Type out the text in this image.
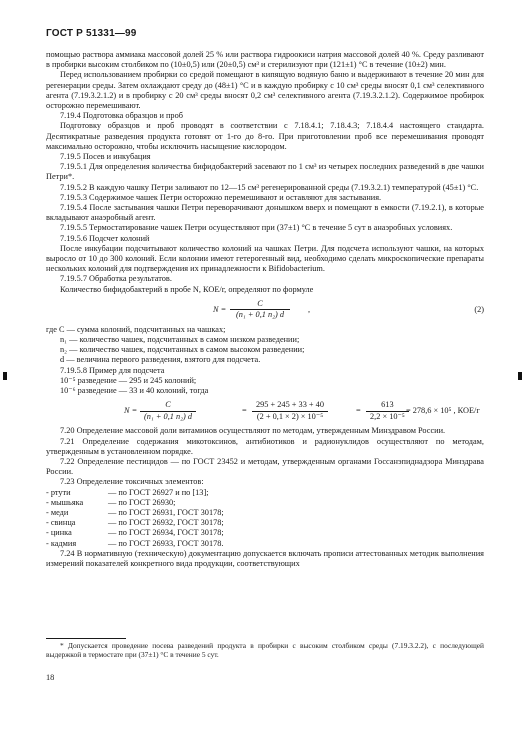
ГОСТ Р 51331—99

помощью раствора аммиака массовой долей 25 % или раствора гидроокиси натрия массовой долей 40 %. Среду разливают в пробирки высоким столбиком по (10±0,5) или (20±0,5) см³ и стерилизуют при (121±1) °С в течение (10±2) мин.

Перед использованием пробирки со средой помещают в кипящую водяную баню и выдерживают в течение 20 мин для регенерации среды. Затем охлаждают среду до (48±1) °С и в каждую пробирку с 10 см³ среды вносят 0,1 см³ селективного агента (7.19.3.2.1.2) и в пробирку с 20 см³ среды вносят 0,2 см³ селективного агента (7.19.3.2.1.2). Содержимое пробирок осторожно перемешивают.

7.19.4 Подготовка образцов и проб

Подготовку образцов и проб проводят в соответствии с 7.18.4.1; 7.18.4.3; 7.18.4.4 настоящего стандарта. Десятикратные разведения продукта готовят от 1-го до 8-го. При приготовлении проб все перемешивания проводят максимально осторожно, чтобы исключить насыщение кислородом.

7.19.5 Посев и инкубация

7.19.5.1 Для определения количества бифидобактерий засевают по 1 см³ из четырех последних разведений в две чашки Петри*.

7.19.5.2 В каждую чашку Петри заливают по 12—15 см³ регенерированной среды (7.19.3.2.1) температурой (45±1) °С.

7.19.5.3 Содержимое чашек Петри осторожно перемешивают и оставляют для застывания.

7.19.5.4 После застывания чашки Петри переворачивают донышком вверх и помещают в емкости (7.19.2.1), в которые вкладывают анаэробный агент.

7.19.5.5 Термостатирование чашек Петри осуществляют при (37±1) °С в течение 5 сут в анаэробных условиях.

7.19.5.6 Подсчет колоний

После инкубации подсчитывают количество колоний на чашках Петри. Для подсчета используют чашки, на которых выросло от 10 до 300 колоний. Если колонии имеют гетерогенный вид, необходимо сделать микроскопические препараты нескольких колоний для подтверждения их принадлежности к Bifidobacterium.

7.19.5.7 Обработка результатов.

Количество бифидобактерий в пробе N, КОЕ/г, определяют по формуле

$N = \frac{C}{\text{(n₁ + 0,1 n₂) d}}$ ,	(2)

где C — сумма колоний, подсчитанных на чашках;

n₁ — количество чашек, подсчитанных в самом низком разведении;

n₂ — количество чашек, подсчитанных в самом высоком разведении;

d — величина первого разведения, взятого для подсчета.

7.19.5.8 Пример для подсчета

10⁻⁵ разведение — 295 и 245 колоний;

10⁻⁶ разведение — 33 и 40 колоний, тогда

$N = \frac{C}{\text{(n₁ + 0,1 n₂) d}}$	= $\frac{295 + 245 + 33 + 40}{\text{(2 + 0,1 × 2) × 10⁻⁵}}$	= $\frac{613}{\text{2,2 × 10⁻⁵}}$
= 278,6 × 10⁵ , КОЕ/г

7.20 Определение массовой доли витаминов осуществляют по методам, утвержденным Минздравом России.

7.21 Определение содержания микотоксинов, антибиотиков и радионуклидов осуществляют по методам, утвержденным в установленном порядке.

7.22 Определение пестицидов — по ГОСТ 23452 и методам, утвержденным органами Госсанэпиднадзора Минздрава России.

7.23 Определение токсичных элементов:

- ртути	— по ГОСТ 26927 и по [13];
- мышьяка	— по ГОСТ 26930;
- меди	— по ГОСТ 26931, ГОСТ 30178;
- свинца	— по ГОСТ 26932, ГОСТ 30178;
- цинка	— по ГОСТ 26934, ГОСТ 30178;
- кадмия	— по ГОСТ 26933, ГОСТ 30178.

7.24 В нормативную (техническую) документацию допускается включать прописи аттестованных методик выполнения измерений показателей конкретного вида продукции, соответствующих

* Допускается проведение посева разведений продукта в пробирки с высоким столбиком среды (7.19.3.2.2), с последующей выдержкой в термостате при (37±1) °С в течение 5 сут.
18
